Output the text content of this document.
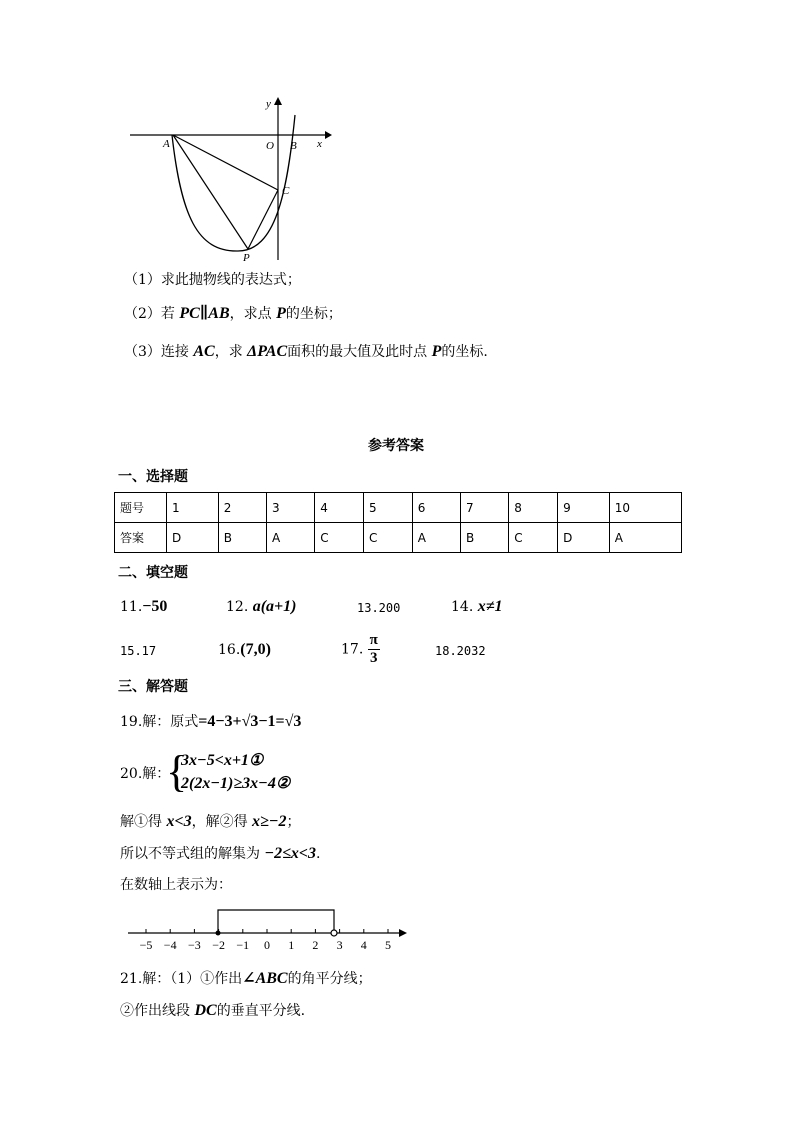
y
x
O
A	B
C
P
（1）求此抛物线的表达式；
（2）若 PC∥AB，求点 P的坐标；
（3）连接 AC，求 ΔPAC面积的最大值及此时点 P的坐标.
参考答案
一、选择题
题号	1	2	3	4	5	6	7	8	9	10
答案	D	B	A	C	C	A	B	C	D	A
二、填空题
11.−50	12. a(a+1)	13.200	14. x≠1
15.17	16.(7,0)	17. $\frac{\pi}{3}$	18.2032
三、解答题
19.解：原式=4−3+√3−1=√3
20.解：
{
3x−5<x+1①
2(2x−1)≥3x−4②
解①得 x<3，解②得 x≥−2；
所以不等式组的解集为 −2≤x<3.
在数轴上表示为：
−5 −4 −3 −2 −1 0 1 2 3 4 5
21.解：（1）①作出∠ABC的角平分线；
②作出线段 DC的垂直平分线.
